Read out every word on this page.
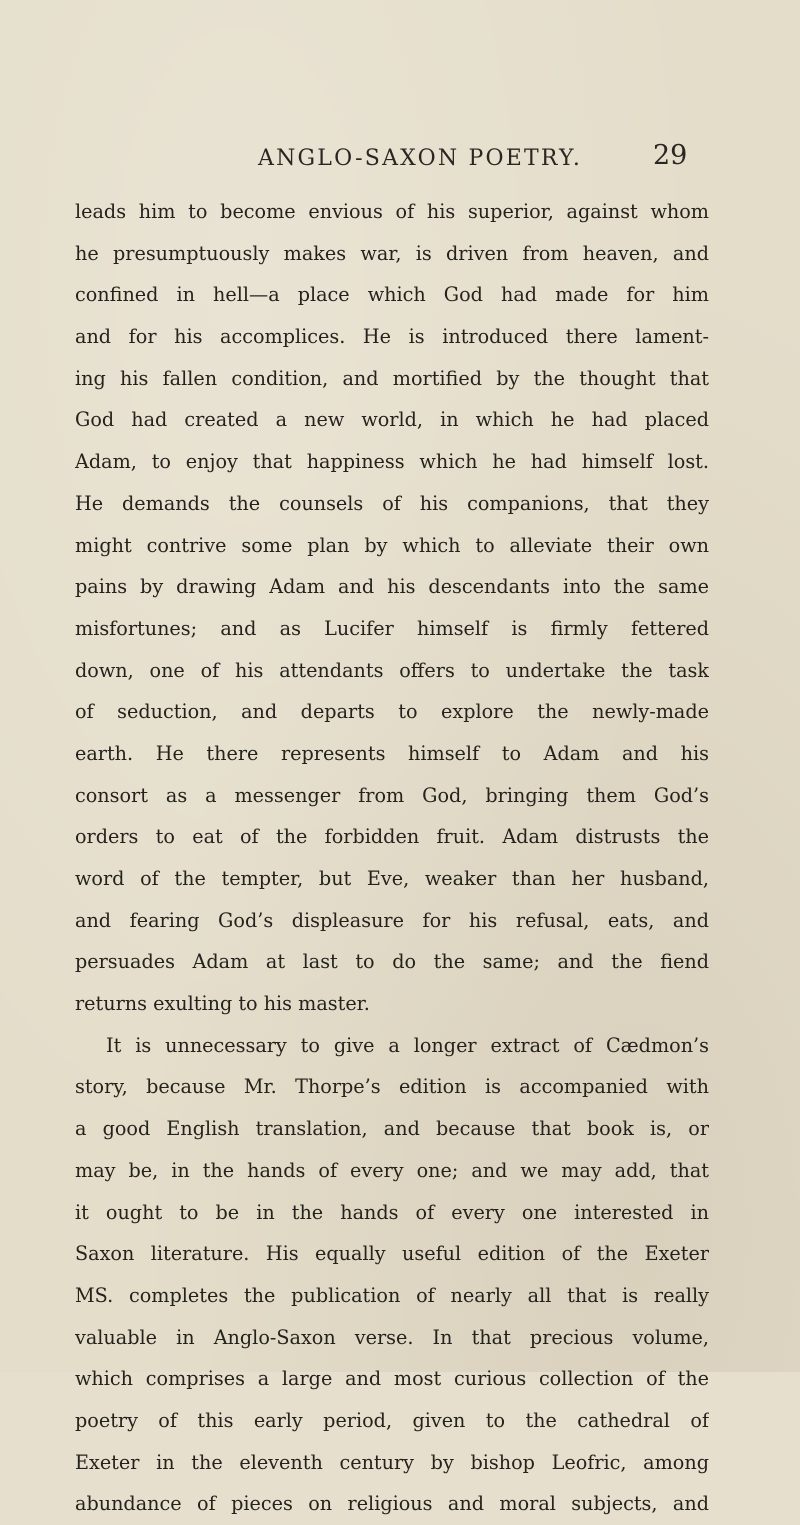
ANGLO-SAXON POETRY.	29
leads him to become envious of his superior, against whom
he presumptuously makes war, is driven from heaven, and
confined in hell—a place which God had made for him
and for his accomplices. He is introduced there lament-
ing his fallen condition, and mortified by the thought that
God had created a new world, in which he had placed
Adam, to enjoy that happiness which he had himself lost.
He demands the counsels of his companions, that they
might contrive some plan by which to alleviate their own
pains by drawing Adam and his descendants into the same
misfortunes; and as Lucifer himself is firmly fettered
down, one of his attendants offers to undertake the task
of seduction, and departs to explore the newly-made
earth. He there represents himself to Adam and his
consort as a messenger from God, bringing them God’s
orders to eat of the forbidden fruit. Adam distrusts the
word of the tempter, but Eve, weaker than her husband,
and fearing God’s displeasure for his refusal, eats, and
persuades Adam at last to do the same; and the fiend
returns exulting to his master.
It is unnecessary to give a longer extract of Cædmon’s
story, because Mr. Thorpe’s edition is accompanied with
a good English translation, and because that book is, or
may be, in the hands of every one; and we may add, that
it ought to be in the hands of every one interested in
Saxon literature. His equally useful edition of the Exeter
MS. completes the publication of nearly all that is really
valuable in Anglo-Saxon verse. In that precious volume,
which comprises a large and most curious collection of the
poetry of this early period, given to the cathedral of
Exeter in the eleventh century by bishop Leofric, among
abundance of pieces on religious and moral subjects, and
